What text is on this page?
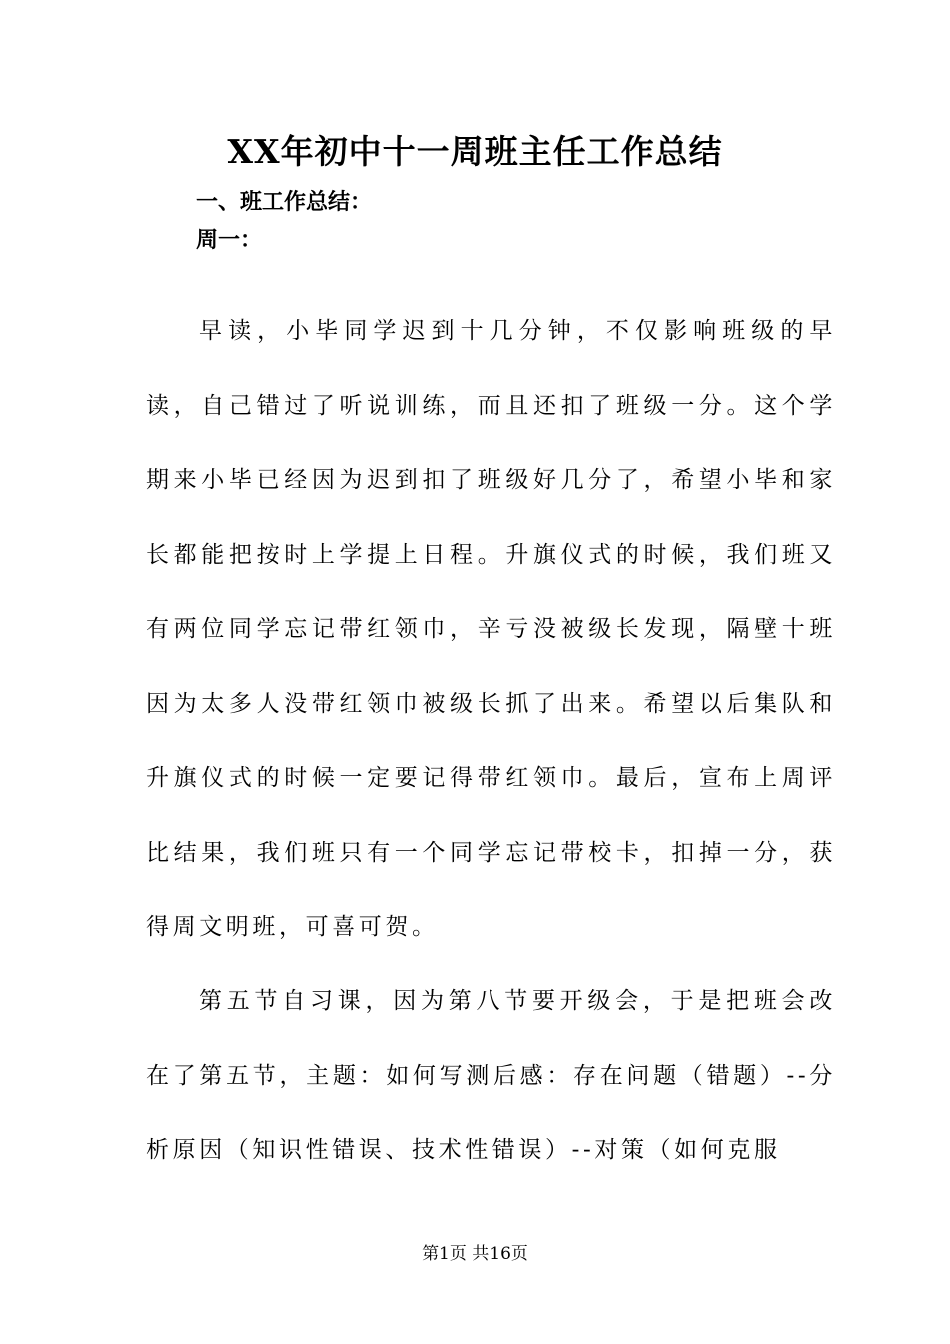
XX年初中十一周班主任工作总结
一、班工作总结：
周一：

早读，小毕同学迟到十几分钟，不仅影响班级的早读，自己错过了听说训练，而且还扣了班级一分。这个学期来小毕已经因为迟到扣了班级好几分了，希望小毕和家长都能把按时上学提上日程。升旗仪式的时候，我们班又有两位同学忘记带红领巾，辛亏没被级长发现，隔壁十班因为太多人没带红领巾被级长抓了出来。希望以后集队和升旗仪式的时候一定要记得带红领巾。最后，宣布上周评比结果，我们班只有一个同学忘记带校卡，扣掉一分，获得周文明班，可喜可贺。

第五节自习课，因为第八节要开级会，于是把班会改在了第五节，主题：如何写测后感：存在问题（错题）--分析原因（知识性错误、技术性错误）--对策（如何克服

第1页 共16页
